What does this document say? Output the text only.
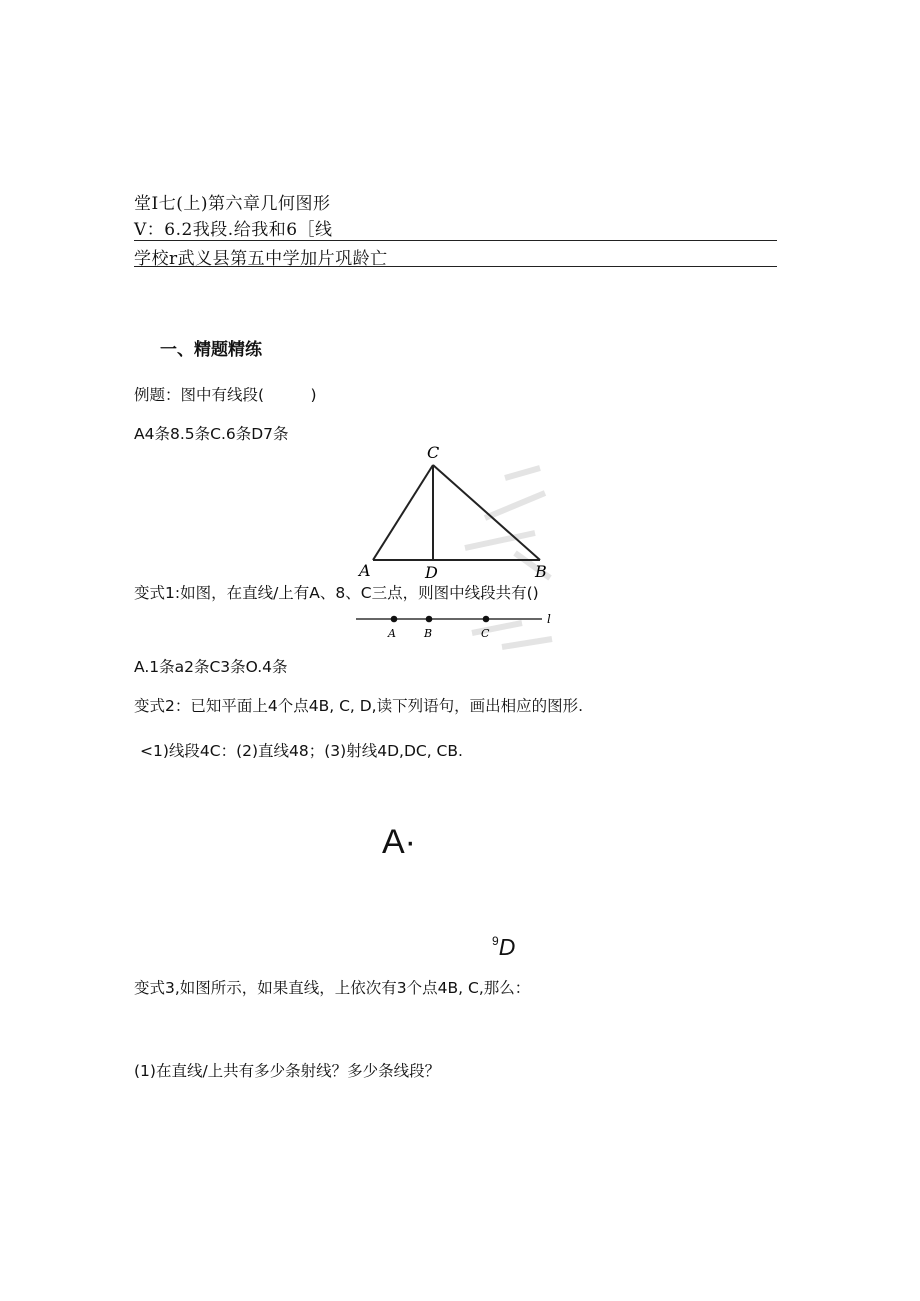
堂I七(上)第六章几何图形
V：6.2我段.给我和6［线
学校r武义县第五中学加片巩龄亡
一、精题精练
例题：图中有线段(　　　)
A4条8.5条C.6条D7条
C
A	D	B
变式1:如图，在直线/上有A、8、C三点，则图中线段共有()
A	B	C
l
A.1条a2条C3条O.4条
变式2：已知平面上4个点4B, C, D,读下列语句，画出相应的图形.
<1)线段4C：(2)直线48；(3)射线4D,DC, CB.
A·
$^9$D
变式3,如图所示，如果直线，上依次有3个点4B, C,那么：
(1)在直线/上共有多少条射线？多少条线段？
